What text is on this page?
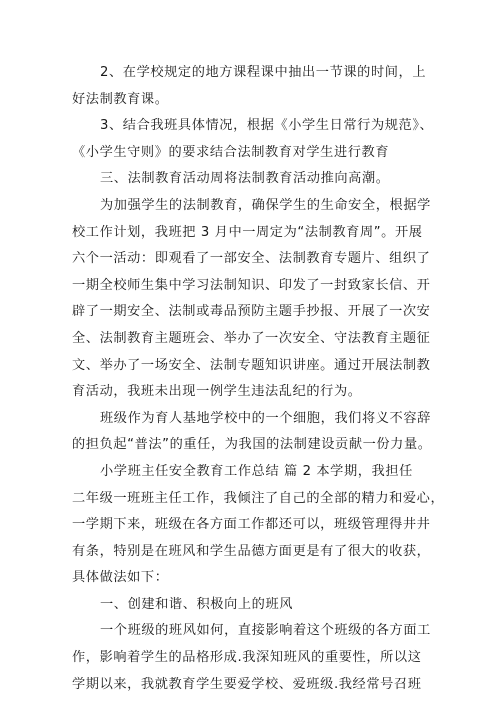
2、在学校规定的地方课程课中抽出一节课的时间，上
好法制教育课。
3、结合我班具体情况，根据《小学生日常行为规范》、
《小学生守则》的要求结合法制教育对学生进行教育
三、法制教育活动周将法制教育活动推向高潮。
为加强学生的法制教育，确保学生的生命安全，根据学
校工作计划，我班把 3 月中一周定为“法制教育周”。开展
六个一活动：即观看了一部安全、法制教育专题片、组织了
一期全校师生集中学习法制知识、印发了一封致家长信、开
辟了一期安全、法制或毒品预防主题手抄报、开展了一次安
全、法制教育主题班会、举办了一次安全、守法教育主题征
文、举办了一场安全、法制专题知识讲座。通过开展法制教
育活动，我班未出现一例学生违法乱纪的行为。
班级作为育人基地学校中的一个细胞，我们将义不容辞
的担负起“普法”的重任，为我国的法制建设贡献一份力量。
小学班主任安全教育工作总结 篇 2 本学期，我担任
二年级一班班主任工作，我倾注了自己的全部的精力和爱心，
一学期下来，班级在各方面工作都还可以，班级管理得井井
有条，特别是在班风和学生品德方面更是有了很大的收获，
具体做法如下：
一、创建和谐、积极向上的班风
一个班级的班风如何，直接影响着这个班级的各方面工
作，影响着学生的品格形成.我深知班风的重要性，所以这
学期以来，我就教育学生要爱学校、爱班级.我经常号召班
